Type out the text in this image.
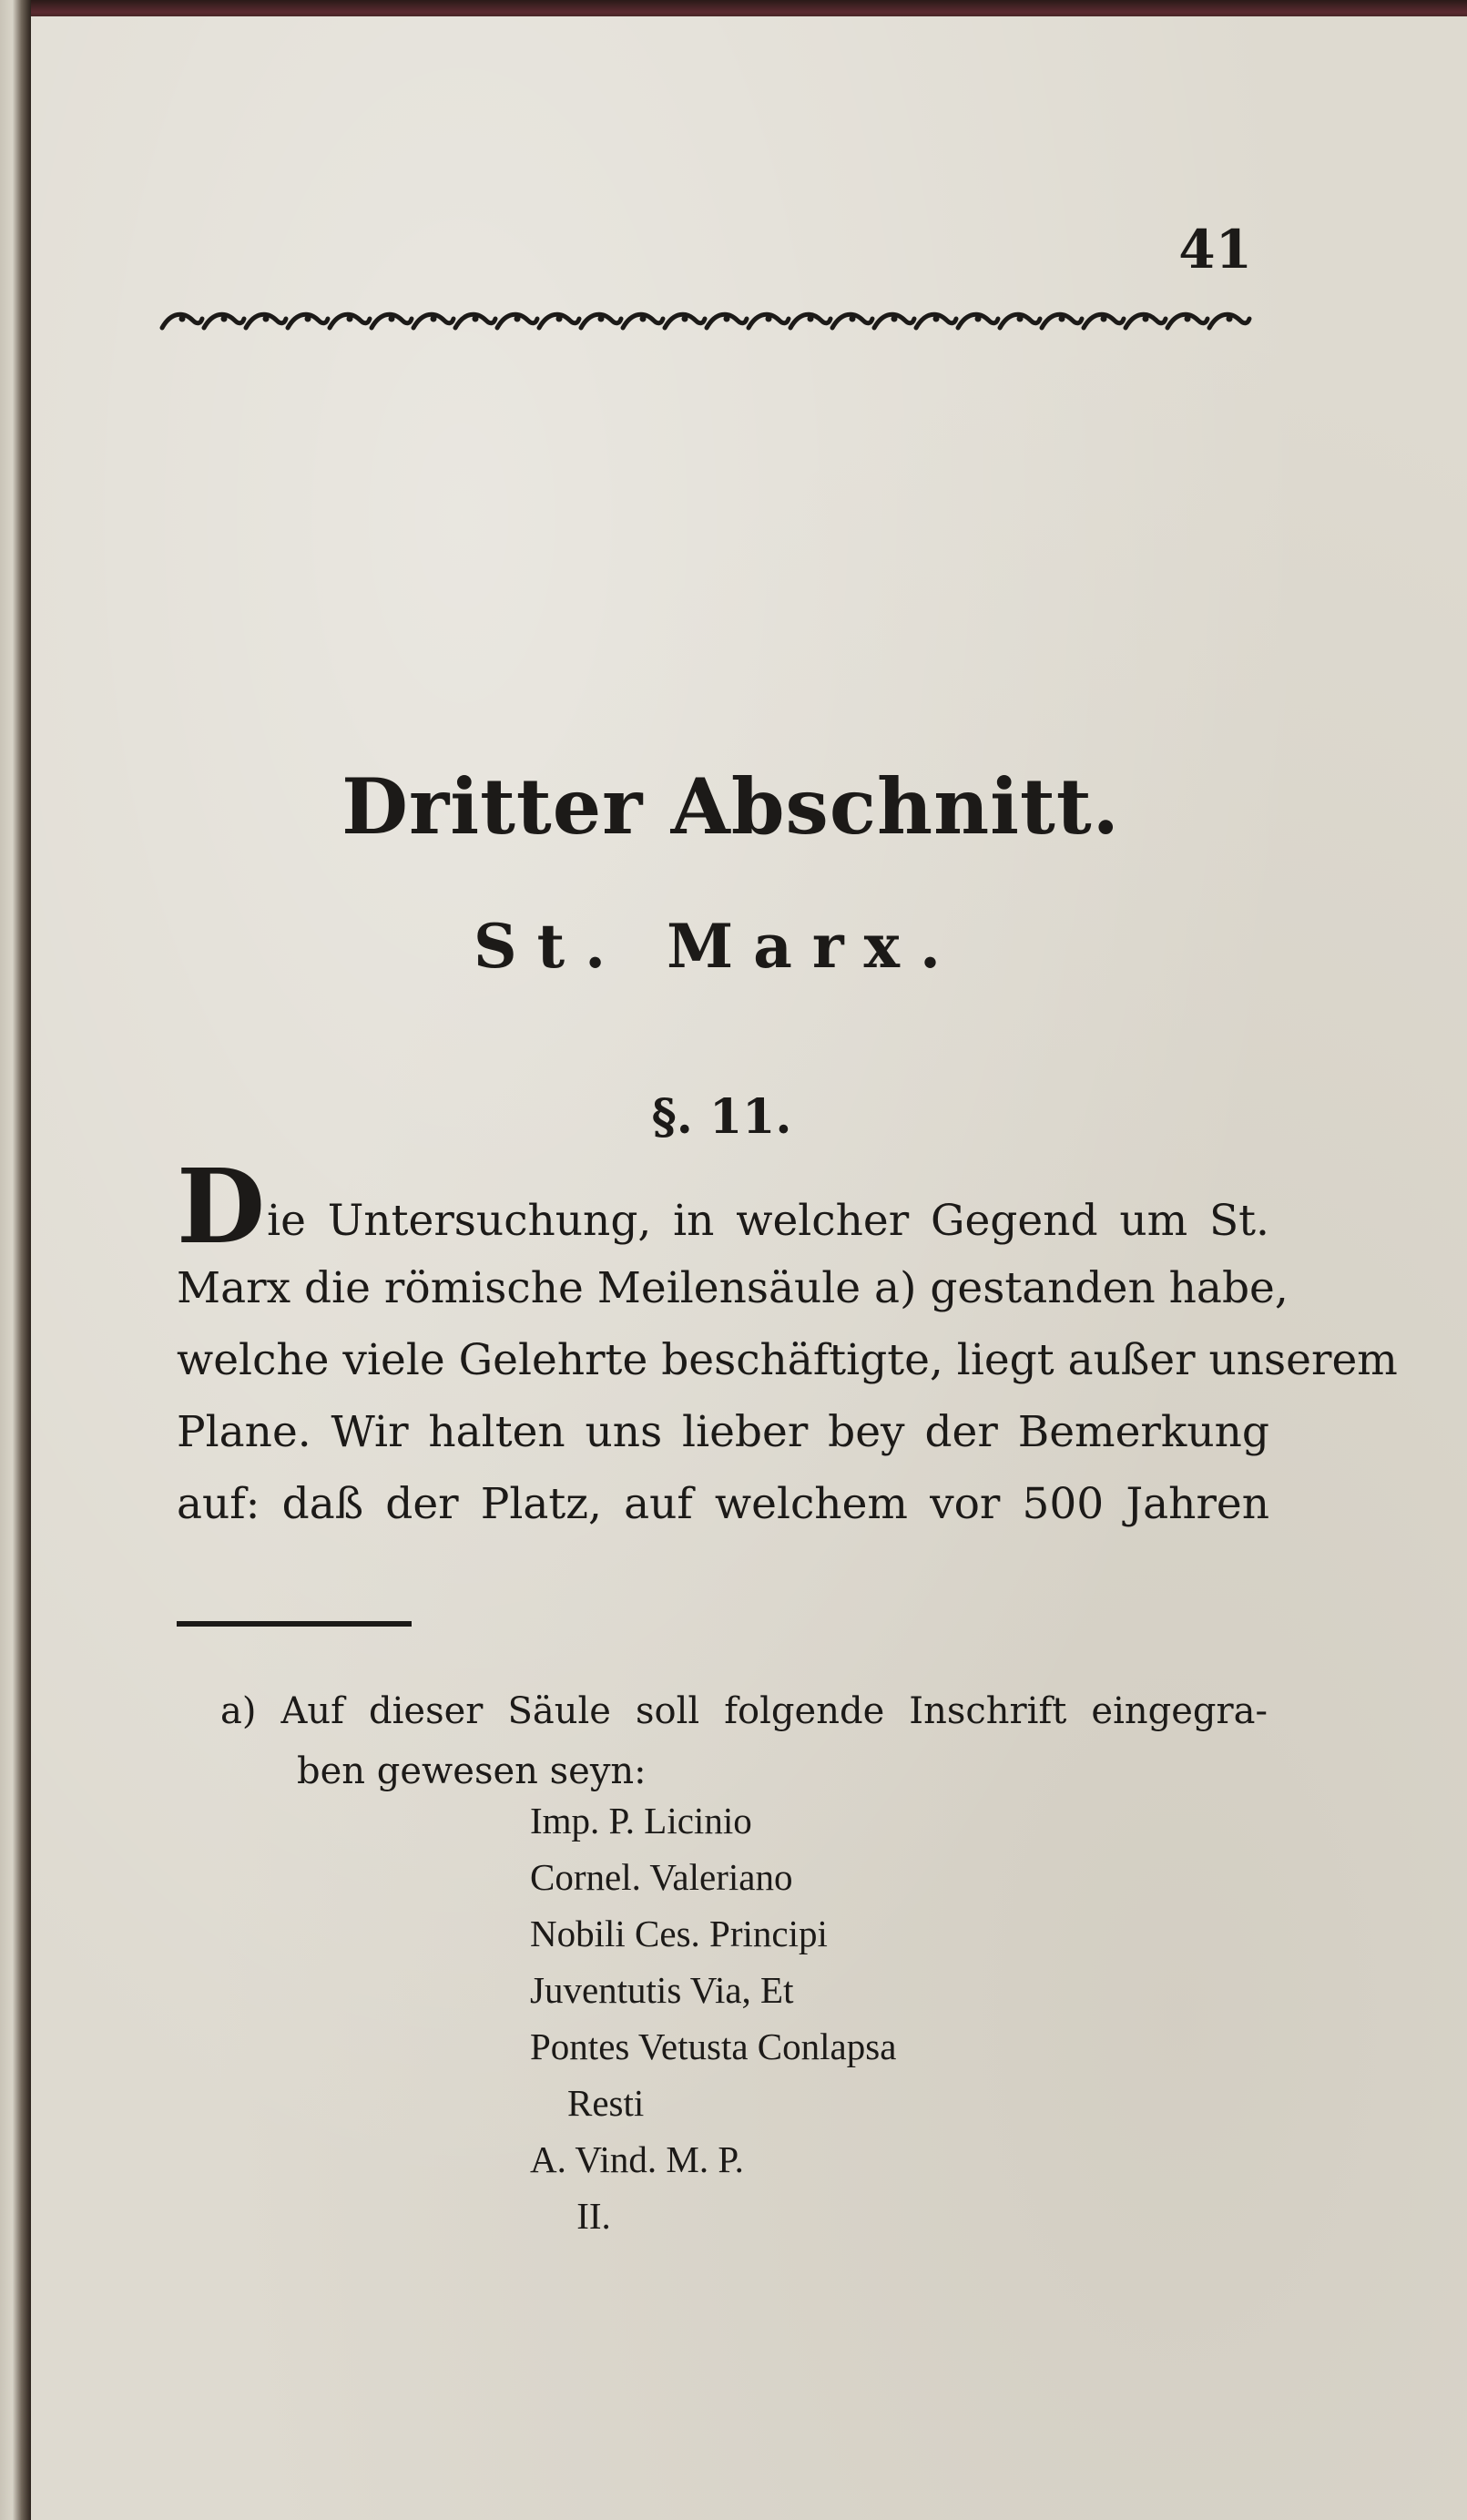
41
Dritter Abschnitt.
St. Marx.
§. 11.
Die Untersuchung, in welcher Gegend um St.
Marx die römische Meilensäule a) gestanden habe,
welche viele Gelehrte beschäftigte, liegt außer unserem
Plane. Wir halten uns lieber bey der Bemerkung
auf: daß der Platz, auf welchem vor 500 Jahren
a) Auf dieser Säule soll folgende Inschrift eingegra-
ben gewesen seyn:
Imp. P. Licinio
Cornel. Valeriano
Nobili Ces. Principi
Juventutis Via, Et
Pontes Vetusta Conlapsa
Resti
A. Vind. M. P.
II.
